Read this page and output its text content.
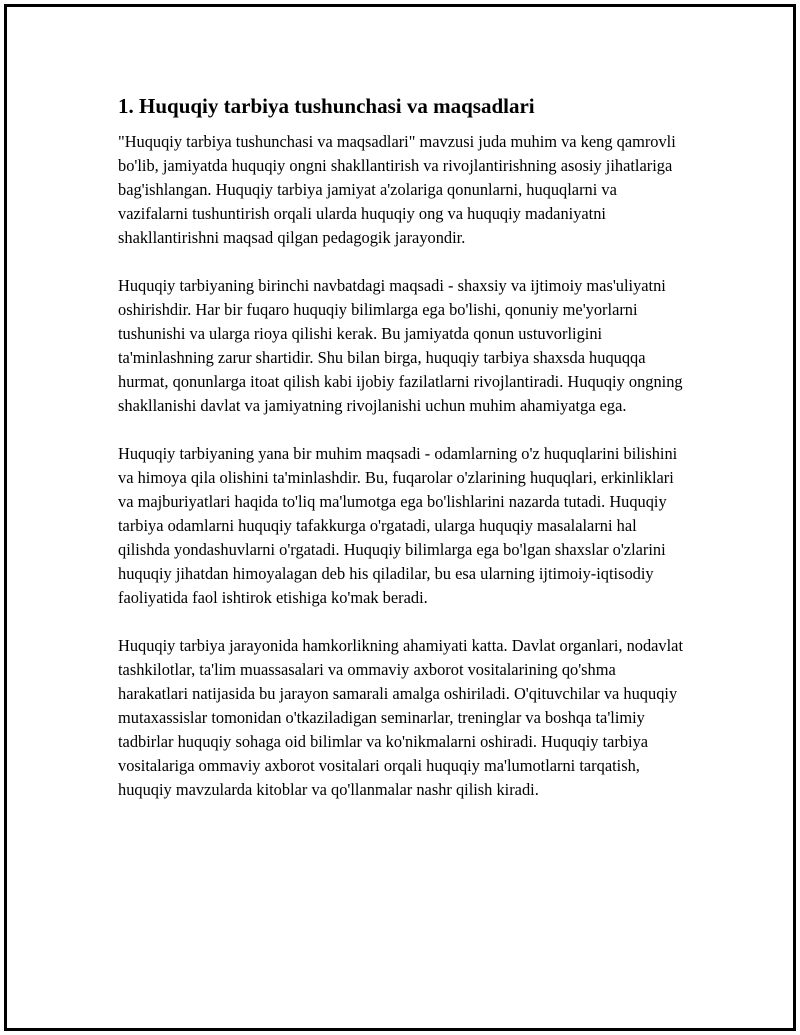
1. Huquqiy tarbiya tushunchasi va maqsadlari

"Huquqiy tarbiya tushunchasi va maqsadlari" mavzusi juda muhim va keng qamrovli bo'lib, jamiyatda huquqiy ongni shakllantirish va rivojlantirishning asosiy jihatlariga bag'ishlangan. Huquqiy tarbiya jamiyat a'zolariga qonunlarni, huquqlarni va vazifalarni tushuntirish orqali ularda huquqiy ong va huquqiy madaniyatni shakllantirishni maqsad qilgan pedagogik jarayondir.

Huquqiy tarbiyaning birinchi navbatdagi maqsadi - shaxsiy va ijtimoiy mas'uliyatni oshirishdir. Har bir fuqaro huquqiy bilimlarga ega bo'lishi, qonuniy me'yorlarni tushunishi va ularga rioya qilishi kerak. Bu jamiyatda qonun ustuvorligini ta'minlashning zarur shartidir. Shu bilan birga, huquqiy tarbiya shaxsda huquqqa hurmat, qonunlarga itoat qilish kabi ijobiy fazilatlarni rivojlantiradi. Huquqiy ongning shakllanishi davlat va jamiyatning rivojlanishi uchun muhim ahamiyatga ega.

Huquqiy tarbiyaning yana bir muhim maqsadi - odamlarning o'z huquqlarini bilishini va himoya qila olishini ta'minlashdir. Bu, fuqarolar o'zlarining huquqlari, erkinliklari va majburiyatlari haqida to'liq ma'lumotga ega bo'lishlarini nazarda tutadi. Huquqiy tarbiya odamlarni huquqiy tafakkurga o'rgatadi, ularga huquqiy masalalarni hal qilishda yondashuvlarni o'rgatadi. Huquqiy bilimlarga ega bo'lgan shaxslar o'zlarini huquqiy jihatdan himoyalagan deb his qiladilar, bu esa ularning ijtimoiy-iqtisodiy faoliyatida faol ishtirok etishiga ko'mak beradi.

Huquqiy tarbiya jarayonida hamkorlikning ahamiyati katta. Davlat organlari, nodavlat tashkilotlar, ta'lim muassasalari va ommaviy axborot vositalarining qo'shma harakatlari natijasida bu jarayon samarali amalga oshiriladi. O'qituvchilar va huquqiy mutaxassislar tomonidan o'tkaziladigan seminarlar, treninglar va boshqa ta'limiy tadbirlar huquqiy sohaga oid bilimlar va ko'nikmalarni oshiradi. Huquqiy tarbiya vositalariga ommaviy axborot vositalari orqali huquqiy ma'lumotlarni tarqatish, huquqiy mavzularda kitoblar va qo'llanmalar nashr qilish kiradi.
